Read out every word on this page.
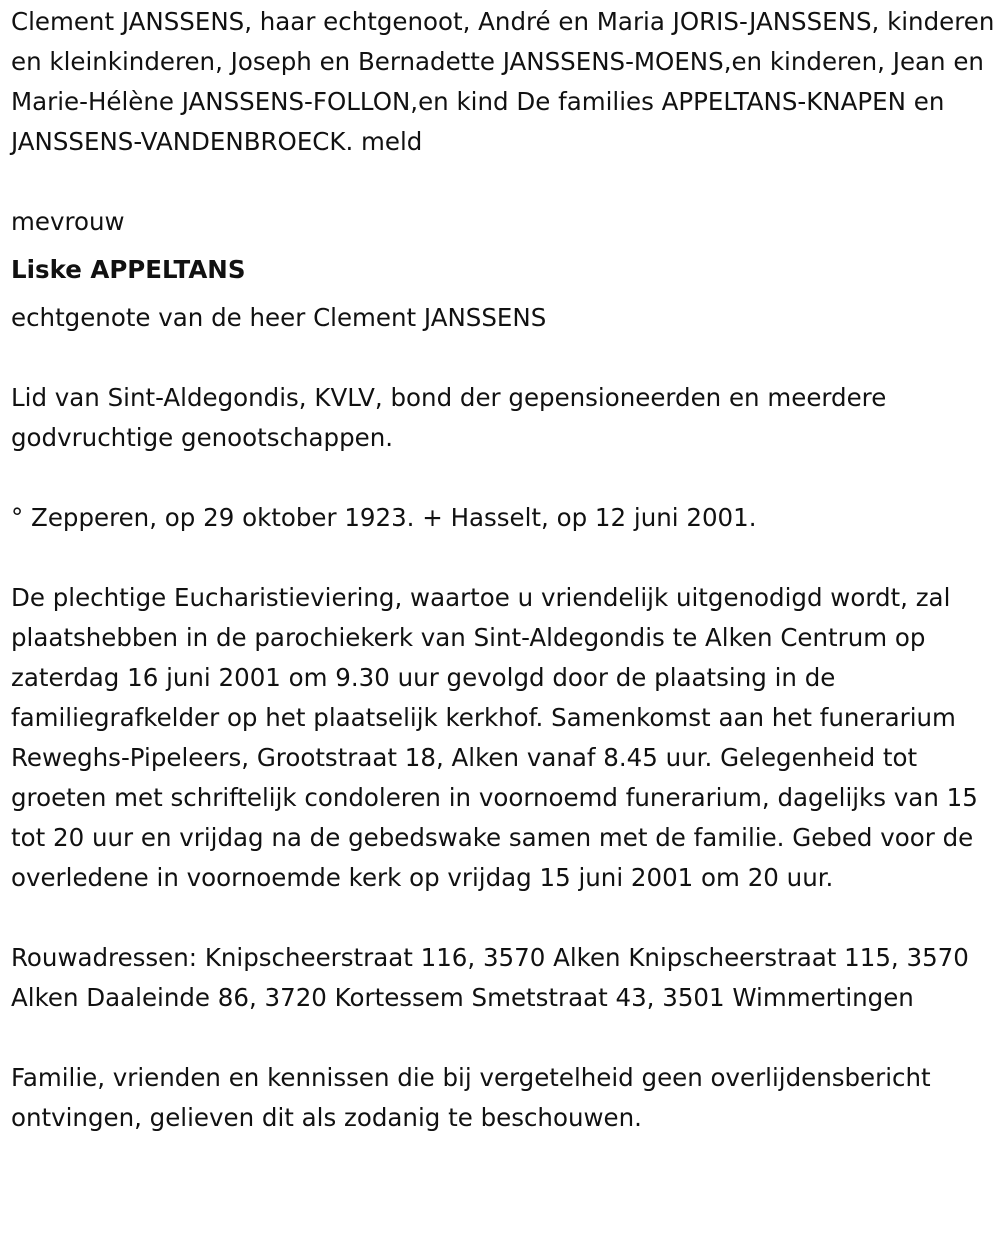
Clement JANSSENS, haar echtgenoot, André en Maria JORIS-JANSSENS, kinderen en kleinkinderen, Joseph en Bernadette JANSSENS-MOENS,en kinderen, Jean en Marie-Hélène JANSSENS-FOLLON,en kind De families APPELTANS-KNAPEN en JANSSENS-VANDENBROECK. meld

mevrouw

Liske APPELTANS

echtgenote van de heer Clement JANSSENS

Lid van Sint-Aldegondis, KVLV, bond der gepensioneerden en meerdere godvruchtige genootschappen.

° Zepperen, op 29 oktober 1923. + Hasselt, op 12 juni 2001.

De plechtige Eucharistieviering, waartoe u vriendelijk uitgenodigd wordt, zal plaatshebben in de parochiekerk van Sint-Aldegondis te Alken Centrum op zaterdag 16 juni 2001 om 9.30 uur gevolgd door de plaatsing in de familiegrafkelder op het plaatselijk kerkhof. Samenkomst aan het funerarium Reweghs-Pipeleers, Grootstraat 18, Alken vanaf 8.45 uur. Gelegenheid tot groeten met schriftelijk condoleren in voornoemd funerarium, dagelijks van 15 tot 20 uur en vrijdag na de gebedswake samen met de familie. Gebed voor de overledene in voornoemde kerk op vrijdag 15 juni 2001 om 20 uur.

Rouwadressen: Knipscheerstraat 116, 3570 Alken Knipscheerstraat 115, 3570 Alken Daaleinde 86, 3720 Kortessem Smetstraat 43, 3501 Wimmertingen

Familie, vrienden en kennissen die bij vergetelheid geen overlijdensbericht ontvingen, gelieven dit als zodanig te beschouwen.
